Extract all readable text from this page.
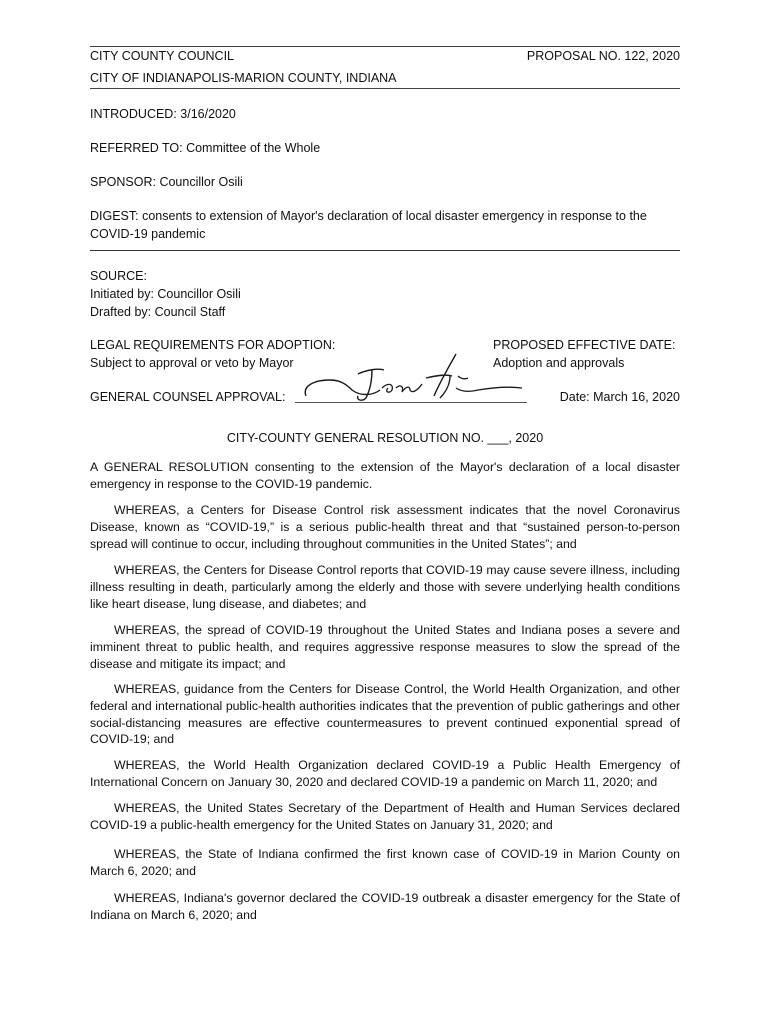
CITY COUNTY COUNCIL	PROPOSAL NO. 122, 2020
CITY OF INDIANAPOLIS-MARION COUNTY, INDIANA
INTRODUCED: 3/16/2020
REFERRED TO: Committee of the Whole
SPONSOR: Councillor Osili
DIGEST: consents to extension of Mayor's declaration of local disaster emergency in response to the
COVID-19 pandemic
SOURCE:
Initiated by: Councillor Osili
Drafted by: Council Staff
LEGAL REQUIREMENTS FOR ADOPTION:
Subject to approval or veto by Mayor
PROPOSED EFFECTIVE DATE:
Adoption and approvals
GENERAL COUNSEL APPROVAL:	Date: March 16, 2020
CITY-COUNTY GENERAL RESOLUTION NO. ___, 2020
A GENERAL RESOLUTION consenting to the extension of the Mayor's declaration of a local disaster emergency in response to the COVID-19 pandemic.
WHEREAS, a Centers for Disease Control risk assessment indicates that the novel Coronavirus Disease, known as “COVID-19,” is a serious public-health threat and that “sustained person-to-person spread will continue to occur, including throughout communities in the United States”; and
WHEREAS, the Centers for Disease Control reports that COVID-19 may cause severe illness, including illness resulting in death, particularly among the elderly and those with severe underlying health conditions like heart disease, lung disease, and diabetes; and
WHEREAS, the spread of COVID-19 throughout the United States and Indiana poses a severe and imminent threat to public health, and requires aggressive response measures to slow the spread of the disease and mitigate its impact; and
WHEREAS, guidance from the Centers for Disease Control, the World Health Organization, and other federal and international public-health authorities indicates that the prevention of public gatherings and other social-distancing measures are effective countermeasures to prevent continued exponential spread of COVID-19; and
WHEREAS, the World Health Organization declared COVID-19 a Public Health Emergency of International Concern on January 30, 2020 and declared COVID-19 a pandemic on March 11, 2020; and
WHEREAS, the United States Secretary of the Department of Health and Human Services declared COVID-19 a public-health emergency for the United States on January 31, 2020; and
WHEREAS, the State of Indiana confirmed the first known case of COVID-19 in Marion County on March 6, 2020; and
WHEREAS, Indiana's governor declared the COVID-19 outbreak a disaster emergency for the State of Indiana on March 6, 2020; and
